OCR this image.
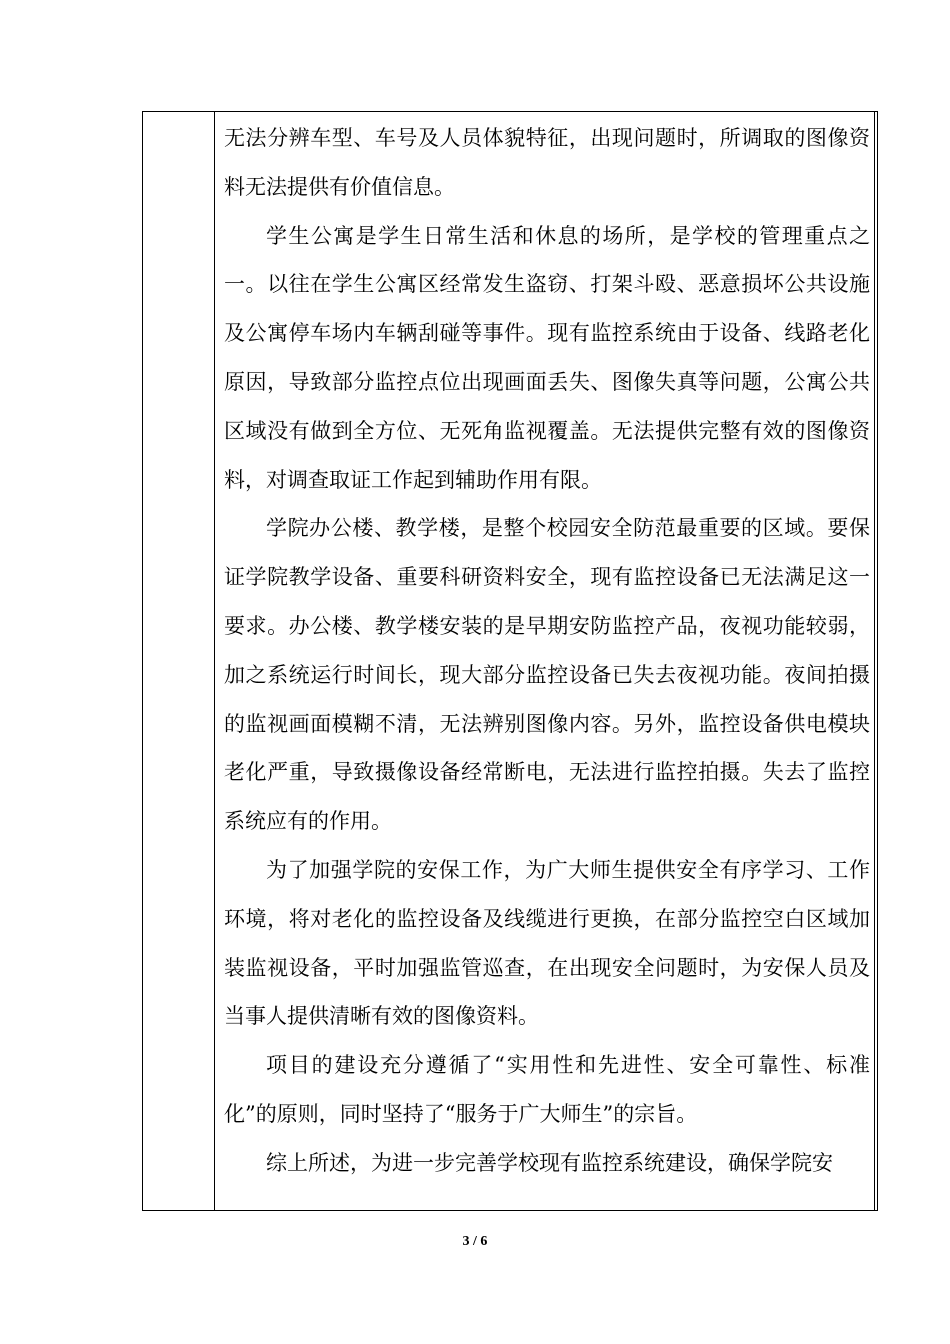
无法分辨车型、车号及人员体貌特征，出现问题时，所调取的图像资料无法提供有价值信息。

学生公寓是学生日常生活和休息的场所，是学校的管理重点之一。以往在学生公寓区经常发生盗窃、打架斗殴、恶意损坏公共设施及公寓停车场内车辆刮碰等事件。现有监控系统由于设备、线路老化原因，导致部分监控点位出现画面丢失、图像失真等问题，公寓公共区域没有做到全方位、无死角监视覆盖。无法提供完整有效的图像资料，对调查取证工作起到辅助作用有限。

学院办公楼、教学楼，是整个校园安全防范最重要的区域。要保证学院教学设备、重要科研资料安全，现有监控设备已无法满足这一要求。办公楼、教学楼安装的是早期安防监控产品，夜视功能较弱，加之系统运行时间长，现大部分监控设备已失去夜视功能。夜间拍摄的监视画面模糊不清，无法辨别图像内容。另外，监控设备供电模块老化严重，导致摄像设备经常断电，无法进行监控拍摄。失去了监控系统应有的作用。

为了加强学院的安保工作，为广大师生提供安全有序学习、工作环境，将对老化的监控设备及线缆进行更换，在部分监控空白区域加装监视设备，平时加强监管巡查，在出现安全问题时，为安保人员及当事人提供清晰有效的图像资料。

项目的建设充分遵循了“实用性和先进性、安全可靠性、标准化”的原则，同时坚持了“服务于广大师生”的宗旨。

综上所述，为进一步完善学校现有监控系统建设，确保学院安

3 / 6
